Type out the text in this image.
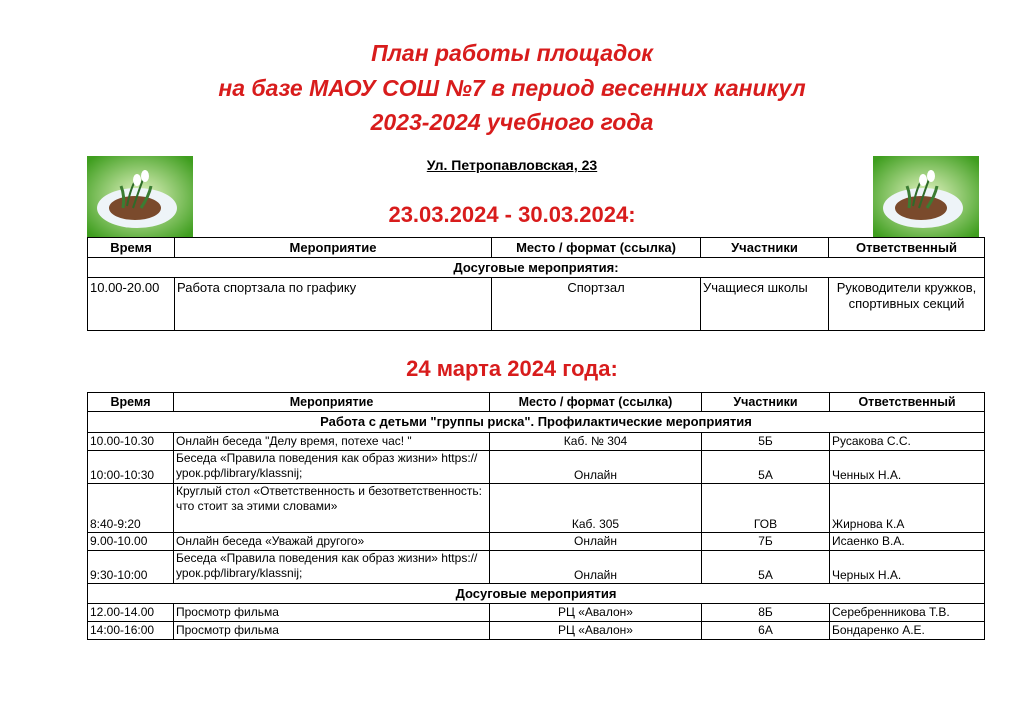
План работы площадок
на базе МАОУ СОШ №7 в период весенних каникул
2023-2024 учебного года
Ул. Петропавловская, 23
23.03.2024 - 30.03.2024:
Время	Мероприятие	Место / формат (ссылка)	Участники	Ответственный
Досуговые мероприятия:				
10.00-20.00	Работа спортзала по графику	Спортзал	Учащиеся школы	Руководители кружков, спортивных секций
24 марта 2024 года:
Время	Мероприятие	Место / формат (ссылка)	Участники	Ответственный
Работа с детьми "группы риска". Профилактические мероприятия				
10.00-10.30	Онлайн беседа "Делу время, потехе час! "	Каб. № 304	5Б	Русакова С.С.
10:00-10:30	Беседа «Правила поведения как образ жизни» https://урок.рф/library/klassnij;	Онлайн	5А	Ченных Н.А.
8:40-9:20	Круглый стол «Ответственность и безответственность: что стоит за этими словами»	Каб. 305	ГОВ	Жирнова К.А
9.00-10.00	Онлайн беседа «Уважай другого»	Онлайн	7Б	Исаенко В.А.
9:30-10:00	Беседа «Правила поведения как образ жизни» https://урок.рф/library/klassnij;	Онлайн	5А	Черных Н.А.
Досуговые мероприятия				
12.00-14.00	Просмотр фильма	РЦ «Авалон»	8Б	Серебренникова Т.В.
14:00-16:00	Просмотр фильма	РЦ «Авалон»	6А	Бондаренко А.Е.
